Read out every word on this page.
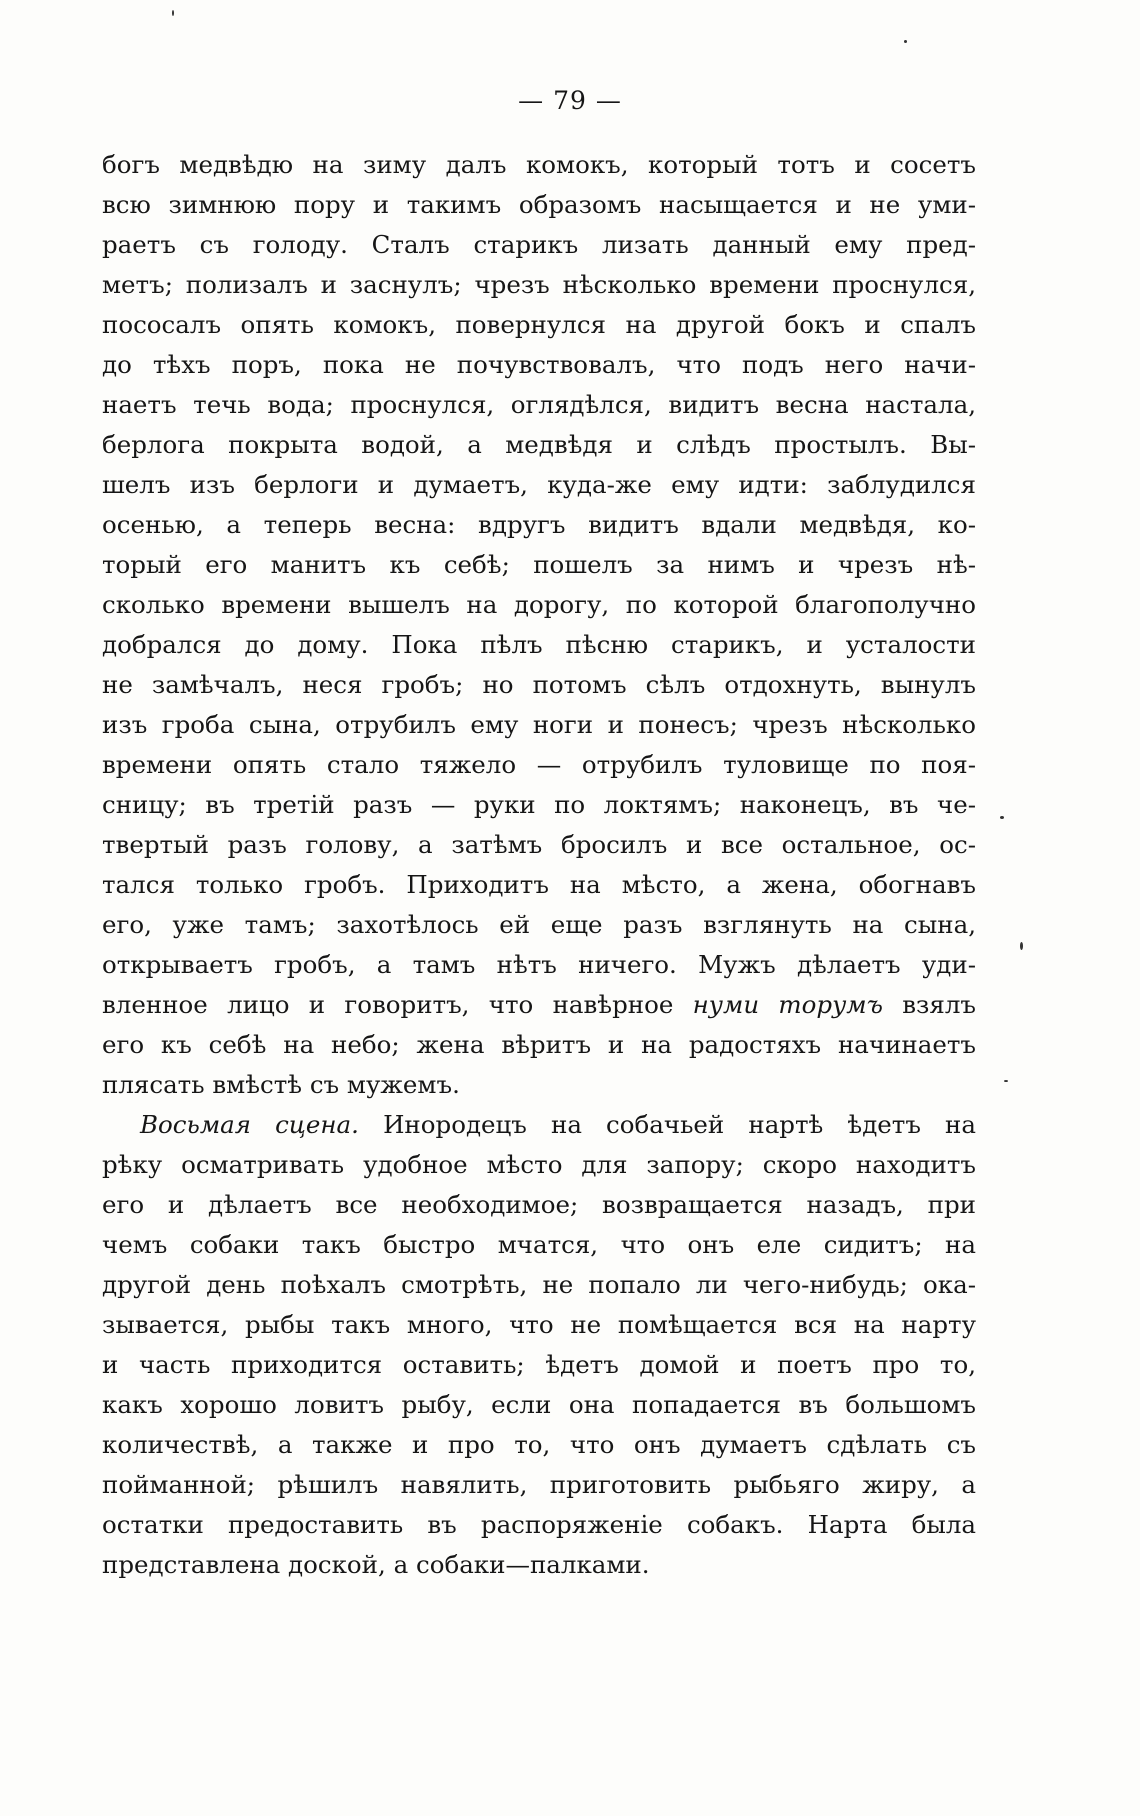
— 79 —
богъ медвѣдю на зиму далъ комокъ, который тотъ и сосетъ
всю зимнюю пору и такимъ образомъ насыщается и не уми-
раетъ съ голоду. Сталъ старикъ лизать данный ему пред-
метъ; полизалъ и заснулъ; чрезъ нѣсколько времени проснулся,
пососалъ опять комокъ, повернулся на другой бокъ и спалъ
до тѣхъ поръ, пока не почувствовалъ, что подъ него начи-
наетъ течь вода; проснулся, оглядѣлся, видитъ весна настала,
берлога покрыта водой, а медвѣдя и слѣдъ простылъ. Вы-
шелъ изъ берлоги и думаетъ, куда-же ему идти: заблудился
осенью, а теперь весна: вдругъ видитъ вдали медвѣдя, ко-
торый его манитъ къ себѣ; пошелъ за нимъ и чрезъ нѣ-
сколько времени вышелъ на дорогу, по которой благополучно
добрался до дому. Пока пѣлъ пѣсню старикъ, и усталости
не замѣчалъ, неся гробъ; но потомъ сѣлъ отдохнуть, вынулъ
изъ гроба сына, отрубилъ ему ноги и понесъ; чрезъ нѣсколько
времени опять стало тяжело — отрубилъ туловище по поя-
сницу; въ третій разъ — руки по локтямъ; наконецъ, въ че-
твертый разъ голову, а затѣмъ бросилъ и все остальное, ос-
тался только гробъ. Приходитъ на мѣсто, а жена, обогнавъ
его, уже тамъ; захотѣлось ей еще разъ взглянуть на сына,
открываетъ гробъ, а тамъ нѣтъ ничего. Мужъ дѣлаетъ уди-
вленное лицо и говоритъ, что навѣрное нуми торумъ взялъ
его къ себѣ на небо; жена вѣритъ и на радостяхъ начинаетъ
плясать вмѣстѣ съ мужемъ.
Восьмая сцена. Инородецъ на собачьей нартѣ ѣдетъ на
рѣку осматривать удобное мѣсто для запору; скоро находитъ
его и дѣлаетъ все необходимое; возвращается назадъ, при
чемъ собаки такъ быстро мчатся, что онъ еле сидитъ; на
другой день поѣхалъ смотрѣть, не попало ли чего-нибудь; ока-
зывается, рыбы такъ много, что не помѣщается вся на нарту
и часть приходится оставить; ѣдетъ домой и поетъ про то,
какъ хорошо ловитъ рыбу, если она попадается въ большомъ
количествѣ, а также и про то, что онъ думаетъ сдѣлать съ
пойманной; рѣшилъ навялить, приготовить рыбьяго жиру, а
остатки предоставить въ распоряженіе собакъ. Нарта была
представлена доской, а собаки—палками.
